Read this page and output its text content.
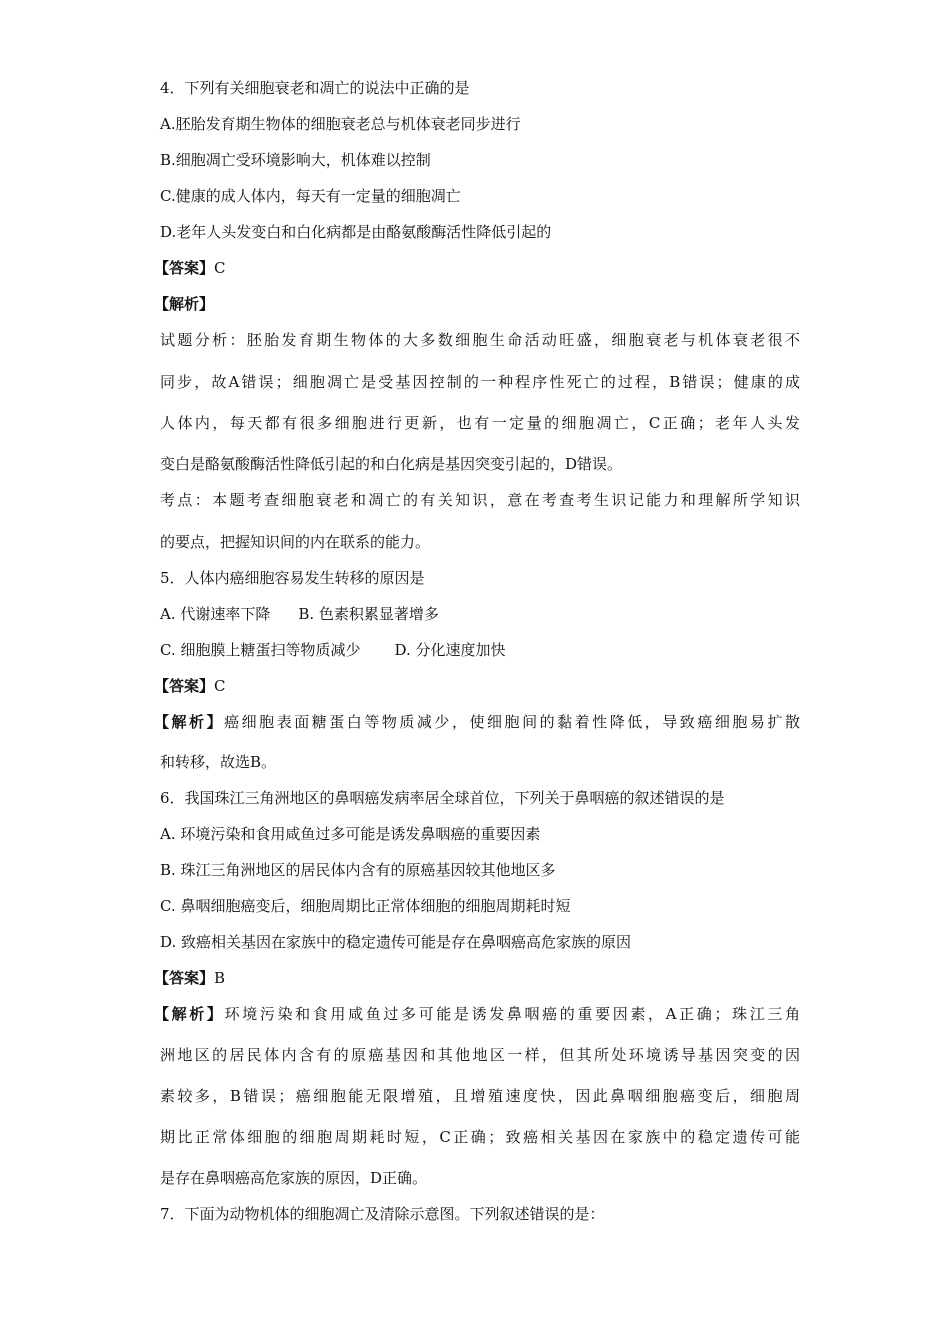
4．下列有关细胞衰老和凋亡的说法中正确的是
A.胚胎发育期生物体的细胞衰老总与机体衰老同步进行
B.细胞凋亡受环境影响大，机体难以控制
C.健康的成人体内，每天有一定量的细胞凋亡
D.老年人头发变白和白化病都是由酪氨酸酶活性降低引起的
【答案】C
【解析】
试题分析：胚胎发育期生物体的大多数细胞生命活动旺盛，细胞衰老与机体衰老很不
同步，故A错误；细胞凋亡是受基因控制的一种程序性死亡的过程，B错误；健康的成
人体内，每天都有很多细胞进行更新，也有一定量的细胞凋亡，C正确；老年人头发
变白是酪氨酸酶活性降低引起的和白化病是基因突变引起的，D错误。
考点：本题考查细胞衰老和凋亡的有关知识，意在考查考生识记能力和理解所学知识
的要点，把握知识间的内在联系的能力。
5．人体内癌细胞容易发生转移的原因是
A. 代谢速率下降 B. 色素积累显著增多
C. 细胞膜上糖蛋扫等物质减少 D. 分化速度加快
【答案】C
【解析】癌细胞表面糖蛋白等物质减少，使细胞间的黏着性降低，导致癌细胞易扩散
和转移，故选B。
6．我国珠江三角洲地区的鼻咽癌发病率居全球首位，下列关于鼻咽癌的叙述错误的是
A. 环境污染和食用咸鱼过多可能是诱发鼻咽癌的重要因素
B. 珠江三角洲地区的居民体内含有的原癌基因较其他地区多
C. 鼻咽细胞癌变后，细胞周期比正常体细胞的细胞周期耗时短
D. 致癌相关基因在家族中的稳定遗传可能是存在鼻咽癌高危家族的原因
【答案】B
【解析】环境污染和食用咸鱼过多可能是诱发鼻咽癌的重要因素，A正确；珠江三角
洲地区的居民体内含有的原癌基因和其他地区一样，但其所处环境诱导基因突变的因
素较多，B错误；癌细胞能无限增殖，且增殖速度快，因此鼻咽细胞癌变后，细胞周
期比正常体细胞的细胞周期耗时短，C正确；致癌相关基因在家族中的稳定遗传可能
是存在鼻咽癌高危家族的原因，D正确。
7．下面为动物机体的细胞凋亡及清除示意图。下列叙述错误的是：
